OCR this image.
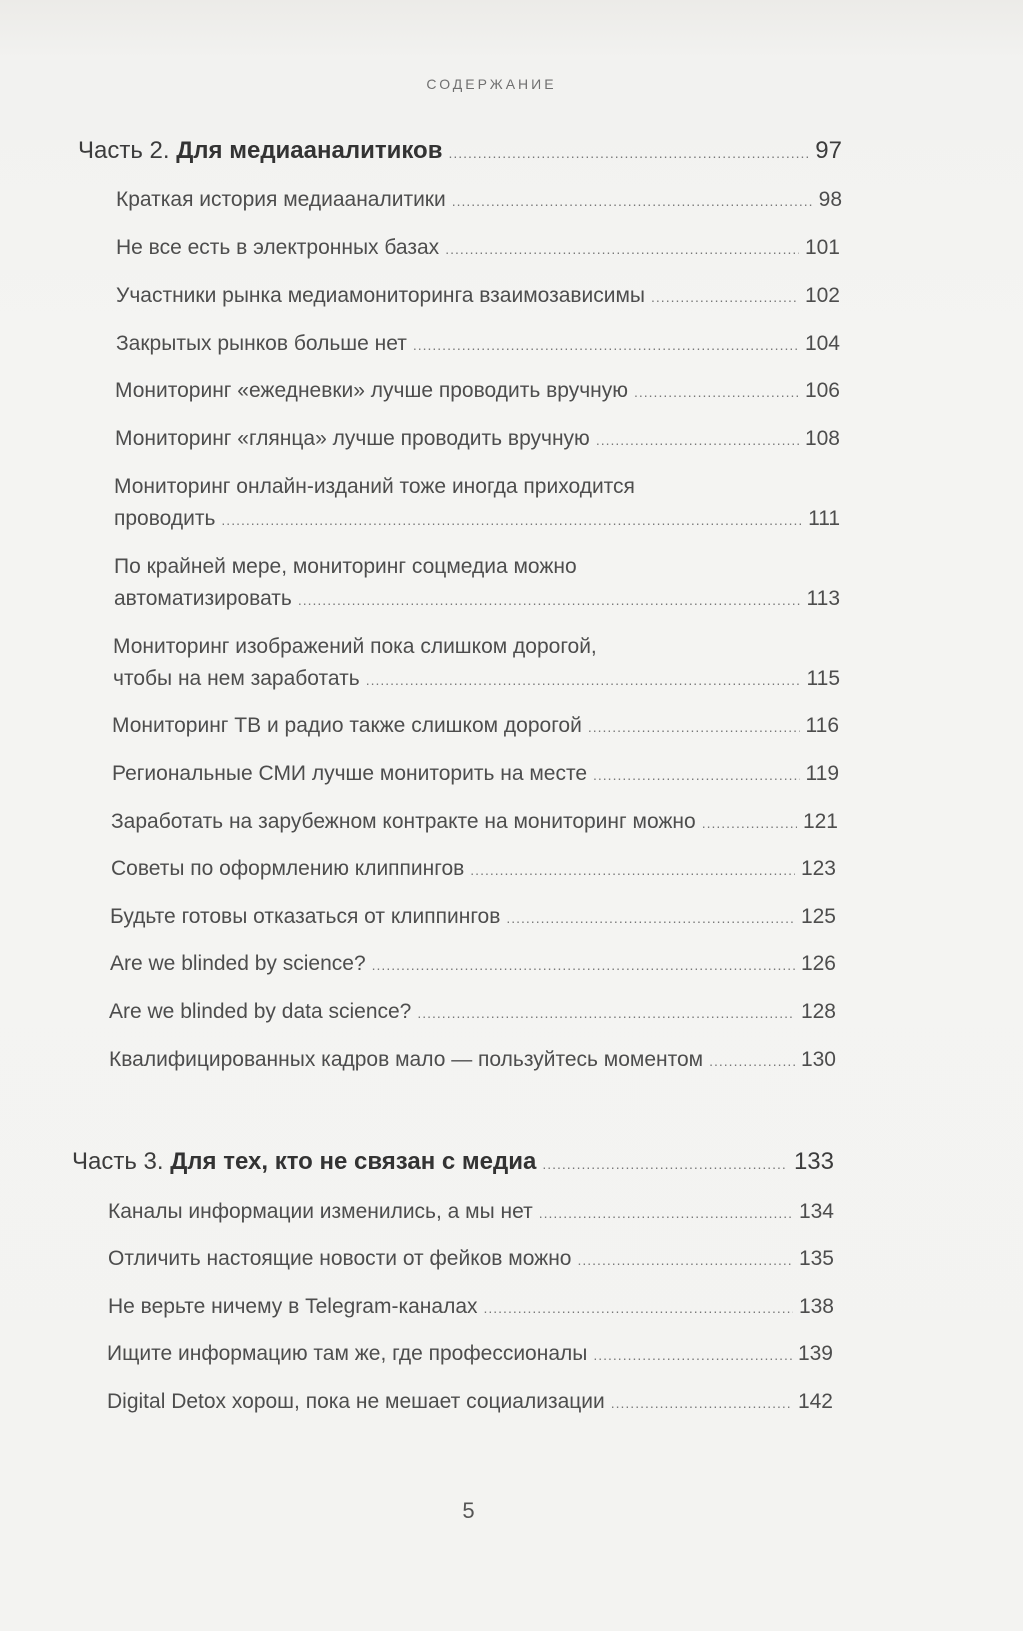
СОДЕРЖАНИЕ
Часть 2. Для медиааналитиков .....	97
Краткая история медиааналитики .....	98
Не все есть в электронных базах .....	101
Участники рынка медиамониторинга взаимозависимы .....	102
Закрытых рынков больше нет .....	104
Мониторинг «ежедневки» лучше проводить вручную .....	106
Мониторинг «глянца» лучше проводить вручную .....	108
Мониторинг онлайн-изданий тоже иногда приходится
проводить .....	111
По крайней мере, мониторинг соцмедиа можно
автоматизировать .....	113
Мониторинг изображений пока слишком дорогой,
чтобы на нем заработать .....	115
Мониторинг ТВ и радио также слишком дорогой .....	116
Региональные СМИ лучше мониторить на месте .....	119
Заработать на зарубежном контракте на мониторинг можно .....	121
Советы по оформлению клиппингов .....	123
Будьте готовы отказаться от клиппингов .....	125
Are we blinded by science? .....	126
Are we blinded by data science? .....	128
Квалифицированных кадров мало — пользуйтесь моментом .....	130
Часть 3. Для тех, кто не связан с медиа .....	133
Каналы информации изменились, а мы нет .....	134
Отличить настоящие новости от фейков можно .....	135
Не верьте ничему в Telegram-каналах .....	138
Ищите информацию там же, где профессионалы .....	139
Digital Detox хорош, пока не мешает социализации .....	142
5
